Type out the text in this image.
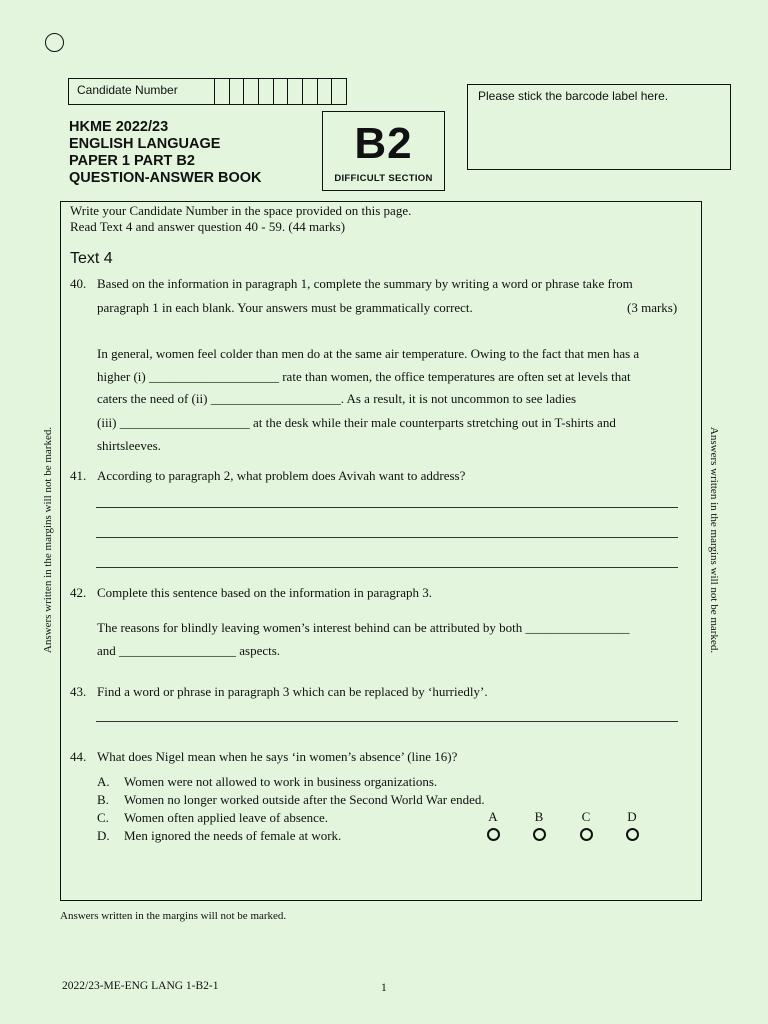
Candidate Number	Please stick the barcode label here.
HKME 2022/23
ENGLISH LANGUAGE
PAPER 1 PART B2
QUESTION-ANSWER BOOK
B2
DIFFICULT SECTION
Write your Candidate Number in the space provided on this page.
Read Text 4 and answer question 40 - 59. (44 marks)
Text 4
40. Based on the information in paragraph 1, complete the summary by writing a word or phrase take from
paragraph 1 in each blank. Your answers must be grammatically correct.	(3 marks)
In general, women feel colder than men do at the same air temperature. Owing to the fact that men has a
higher (i) ____________________ rate than women, the office temperatures are often set at levels that
caters the need of (ii) ____________________. As a result, it is not uncommon to see ladies
(iii) ____________________ at the desk while their male counterparts stretching out in T-shirts and
shirtsleeves.
41. According to paragraph 2, what problem does Avivah want to address?
42. Complete this sentence based on the information in paragraph 3.
The reasons for blindly leaving women’s interest behind can be attributed by both ________________
and __________________ aspects.
43. Find a word or phrase in paragraph 3 which can be replaced by ‘hurriedly’.
44. What does Nigel mean when he says ‘in women’s absence’ (line 16)?
A. Women were not allowed to work in business organizations.
B. Women no longer worked outside after the Second World War ended.
C. Women often applied leave of absence.
D. Men ignored the needs of female at work.
A	B	C	D
Answers written in the margins will not be marked.	Answers written in the margins will not be marked.
Answers written in the margins will not be marked.
2022/23-ME-ENG LANG 1-B2-1	1
